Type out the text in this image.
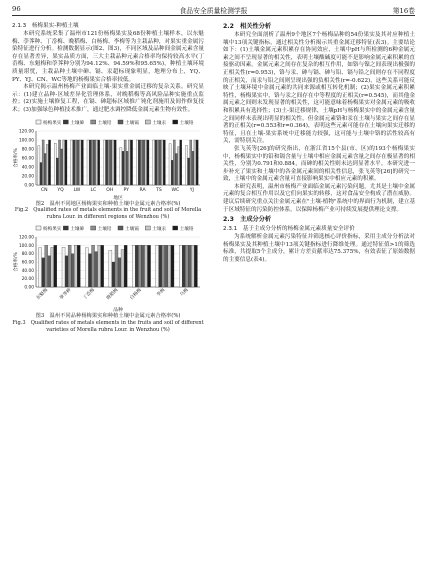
96	食品安全质量检测学报	第16卷
2.1.3　杨梅果实-种植土壤

本研究系统采集了温州市121份杨梅果实及68份种植土壤样本，以东魁梅、荸荠种、丁岙梅、晚稻梅、白杨梅、李梅等为主栽品种，对果实重金属污染特征进行分析。检测数据显示(图2、图3)，不同区域及品种间金属元素含量存在显著差异，果实品质方面，三大主栽品种元素合格率均保持较高水平(丁岙梅、东魁梅和荸荠种分别为94.12%、94.59%和95.65%)，种植土壤环境质量堪忧，主栽品种土壤中砷、镉、汞超标现象明显，地理分布上，YQ、PY、YJ、CN、WC等地的杨梅果实合格率较低。

本研究揭示温州杨梅产业面临土壤-果实重金属迁移的复杂关系。研究显示：(1)建立品种-区域差异化管理体系，对晚稻梅等高风险品种实施重点监控；(2)实施土壤修复工程，在镉、砷超标区域推广钝化剂施用及间作修复技术；(3)加强绿色种植技术推广，通过肥水调控降低金属元素生物有效性。

杨梅果实 土壤砷	土壤铅	土壤镉	土壤汞	土壤铬
0.00
20.00
40.00
60.00
80.00
100.00
120.00
合格率/%
CN YQ LW LC OH PY RA TS WC YJ
地区
图2　温州不同地区杨梅果实和种植土壤中金属元素合格率(%)
Fig.2　Qualified rates of metals elements in the fruit and soil of Morella rubra Lour. in different regions of Wenzhou (%)
杨梅果实 土壤砷	土壤铅	土壤镉	土壤汞	土壤铬
0.00
20.00
40.00
60.00
80.00
100.00
120.00
合格率/%
东魁梅	荸荠种	丁岙梅	晚稻梅	白杨梅	李梅	乌梅
品种
图3　温州不同品种杨梅果实和种植土壤中金属元素合格率(%)
Fig.3　Qualified rates of metals elements in the fruits and soil of different varieties of Morella rubra Lour. in Wenzhou (%)
2.2　相关性分析

本研究全面剖析了温州9个地区7个杨梅品种的54份果实及其对应种植土壤中13项关键指标，通过相关性分析揭示其重金属迁移特征(表3)。主要结论如下：(1)土壤金属元素积累存在协同效应，土壤中pH与所检测的6种金属元素之间不呈现显著的相关性，表明土壤酸碱度可能不是影响金属元素积累的直接驱动因素。金属元素之间存在复杂的相互作用，如铬与镍之间表现出极强的正相关性(r=0.953)，铬与汞、砷与镉、砷与铅、镉与铅之间则存在不同程度的正相关，而汞与铅之间则呈现出强的负相关性(r=-0.622)，这些关系可能反映了土壤环境中金属元素的共同来源或相互转化机制；(2)果实金属元素积累特性，杨梅果实中，铬与汞之间存在中等程度的正相关(r=0.545)，而其他金属元素之间则未发现显著的相关性，这可能意味着杨梅果实对金属元素的吸收和积累具有选择性；(3)土-果迁移规律，土壤pH与杨梅果实中的金属元素含量之间同样未表现出明显的相关性，但金属元素铬和汞在土壤与果实之间存在显著的正相关(r=0.553和r=0.364)，表明这些元素可能存在土壤向果实迁移的特征，且在土壤-果实系统中迁移能力较强，这可能与土壤中铬的活性较高有关，需特别关注。

张飞英等[26]的研究指出，在浙江省15个县(市、区)的193个杨梅果实中，杨梅果实中的铅和镉含量与土壤中相应金属元素含量之间存在极显著的相关性，分别为0.791和0.884，而砷的相关性则未达到显著水平。本研究进一步补充了果实和土壤中的各金属元素间的相关性信息，张飞英等[26]的研究一致，土壤中的金属元素含量可直接影响果实中相应元素的积累。

本研究表明，温州市杨梅产业面临金属元素污染问题，尤其是土壤中金属元素的复合相互作用以及它们向果实的转移，这对食品安全构成了潜在威胁。建议后续研究重点关注金属元素在"土壤-植物"系统中的界面行为机制，建立基于区域特征的污染防控体系，以保障杨梅产业可持续发展提供理论支撑。

2.3　主成分分析
2.3.1　基于主成分分析的杨梅金属元素质量安全评价

为系统解析金属元素污染特征并筛选核心评价指标，采用主成分分析法对杨梅果实及其种植土壤中13项关键指标进行降维处理。通过特征值>1的筛选标准，共提取5个主成分，累计方差贡献率达75.375%，有效表征了原始数据的主要信息(表4)。
